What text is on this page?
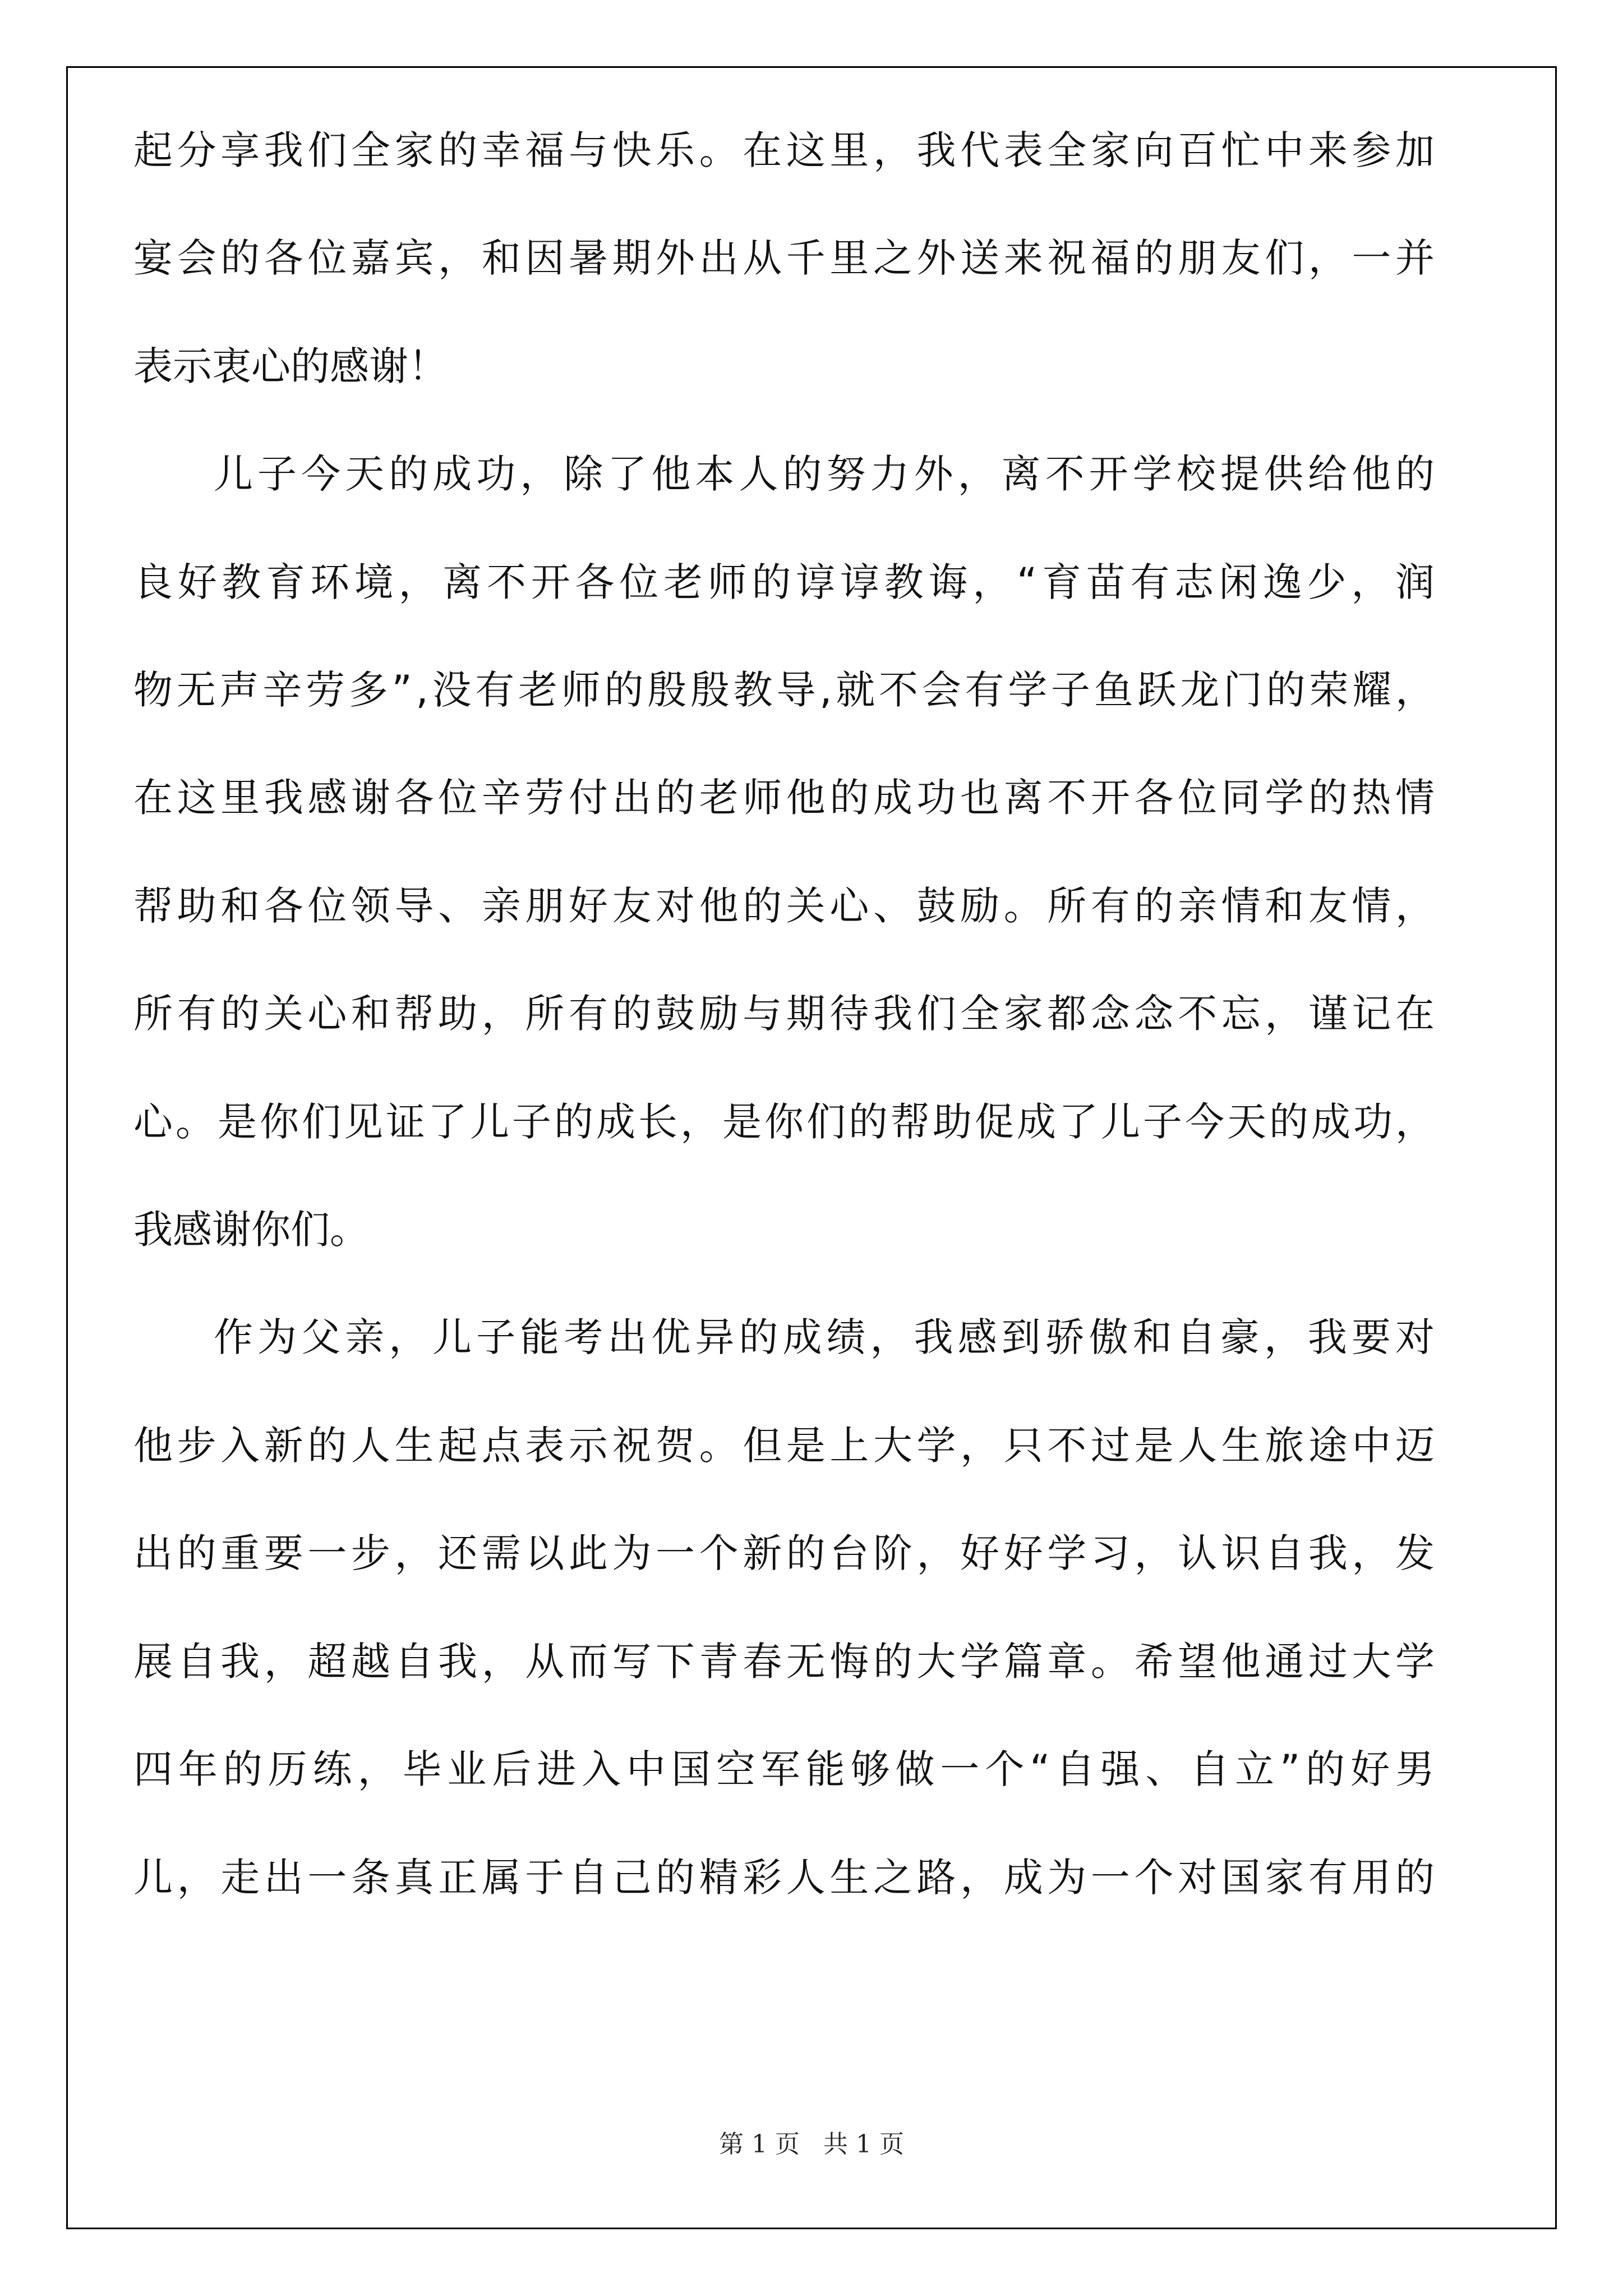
起分享我们全家的幸福与快乐。在这里，我代表全家向百忙中来参加
宴会的各位嘉宾，和因暑期外出从千里之外送来祝福的朋友们，一并
表示衷心的感谢！
儿子今天的成功，除了他本人的努力外，离不开学校提供给他的
良好教育环境，离不开各位老师的谆谆教诲，“育苗有志闲逸少，润
物无声辛劳多”,没有老师的殷殷教导,就不会有学子鱼跃龙门的荣耀，
在这里我感谢各位辛劳付出的老师他的成功也离不开各位同学的热情
帮助和各位领导、亲朋好友对他的关心、鼓励。所有的亲情和友情，
所有的关心和帮助，所有的鼓励与期待我们全家都念念不忘，谨记在
心。是你们见证了儿子的成长，是你们的帮助促成了儿子今天的成功，
我感谢你们。
作为父亲，儿子能考出优异的成绩，我感到骄傲和自豪，我要对
他步入新的人生起点表示祝贺。但是上大学，只不过是人生旅途中迈
出的重要一步，还需以此为一个新的台阶，好好学习，认识自我，发
展自我，超越自我，从而写下青春无悔的大学篇章。希望他通过大学
四年的历练，毕业后进入中国空军能够做一个“自强、自立”的好男
儿，走出一条真正属于自己的精彩人生之路，成为一个对国家有用的
第 1 页   共 1 页
